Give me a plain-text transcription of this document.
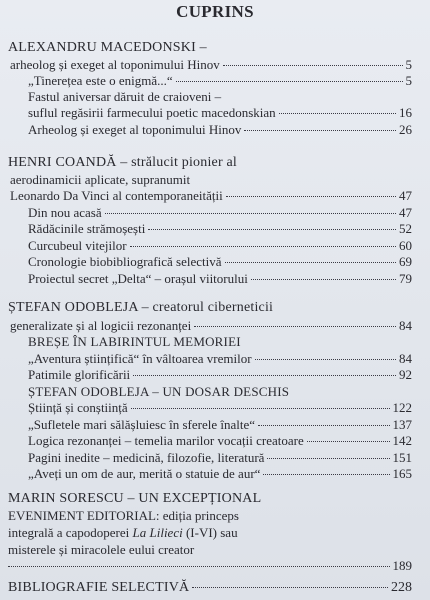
CUPRINS
ALEXANDRU MACEDONSKI –
arheolog și exeget al toponimului Hinov	5
„Tinerețea este o enigmă...“	5
Fastul aniversar dăruit de craioveni –
suflul regăsirii farmecului poetic macedonskian	16
Arheolog și exeget al toponimului Hinov	26
HENRI COANDĂ – strălucit pionier al
aerodinamicii aplicate, supranumit
Leonardo Da Vinci al contemporaneității	47
Din nou acasă	47
Rădăcinile strămoșești	52
Curcubeul vitejilor	60
Cronologie biobibliografică selectivă	69
Proiectul secret „Delta“ – orașul viitorului	79
ȘTEFAN ODOBLEJA – creatorul ciberneticii
generalizate și al logicii rezonanței	84
BREȘE ÎN LABIRINTUL MEMORIEI
„Aventura științifică“ în vâltoarea vremilor	84
Patimile glorificării	92
ȘTEFAN ODOBLEJA – UN DOSAR DESCHIS
Știință și conștiință	122
„Sufletele mari sălășluiesc în sferele înalte“	137
Logica rezonanței – temelia marilor vocații creatoare	142
Pagini inedite – medicină, filozofie, literatură	151
„Aveți un om de aur, merită o statuie de aur“	165
MARIN SORESCU – UN EXCEPȚIONAL
EVENIMENT EDITORIAL: ediția princeps
integrală a capodoperei La Lilieci (I-VI) sau
misterele și miracolele eului creator
189
BIBLIOGRAFIE SELECTIVĂ	228
